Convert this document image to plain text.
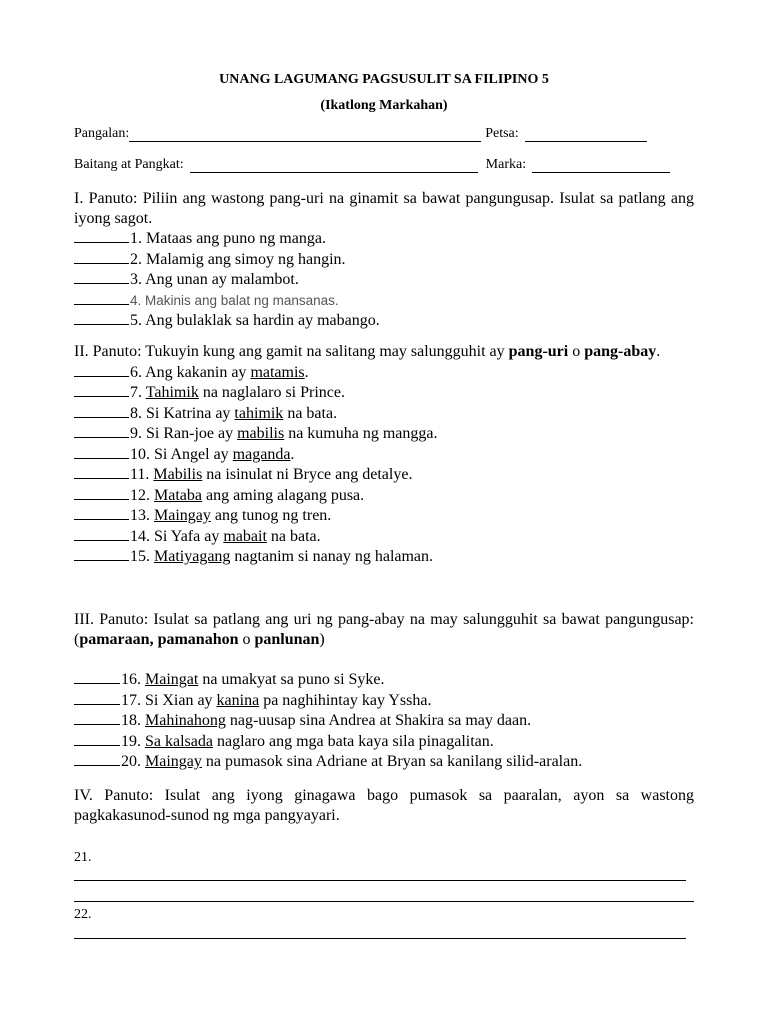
UNANG LAGUMANG PAGSUSULIT SA FILIPINO 5
(Ikatlong Markahan)
Pangalan:	Petsa:
Baitang at Pangkat:	Marka:
I. Panuto: Piliin ang wastong pang-uri na ginamit sa bawat pangungusap. Isulat sa patlang ang iyong sagot.
1. Mataas ang puno ng manga.
2. Malamig ang simoy ng hangin.
3. Ang unan ay malambot.
4. Makinis ang balat ng mansanas.
5. Ang bulaklak sa hardin ay mabango.
II. Panuto: Tukuyin kung ang gamit na salitang may salungguhit ay pang-uri o pang-abay.
6. Ang kakanin ay matamis.
7. Tahimik na naglalaro si Prince.
8. Si Katrina ay tahimik na bata.
9. Si Ran-joe ay mabilis na kumuha ng mangga.
10. Si Angel ay maganda.
11. Mabilis na isinulat ni Bryce ang detalye.
12. Mataba ang aming alagang pusa.
13. Maingay ang tunog ng tren.
14. Si Yafa ay mabait na bata.
15. Matiyagang nagtanim si nanay ng halaman.
III. Panuto: Isulat sa patlang ang uri ng pang-abay na may salungguhit sa bawat pangungusap: (pamaraan, pamanahon o panlunan)
16. Maingat na umakyat sa puno si Syke.
17. Si Xian ay kanina pa naghihintay kay Yssha.
18. Mahinahong nag-uusap sina Andrea at Shakira sa may daan.
19. Sa kalsada naglaro ang mga bata kaya sila pinagalitan.
20. Maingay na pumasok sina Adriane at Bryan sa kanilang silid-aralan.
IV. Panuto: Isulat ang iyong ginagawa bago pumasok sa paaralan, ayon sa wastong pagkakasunod-sunod ng mga pangyayari.
21.
22.
